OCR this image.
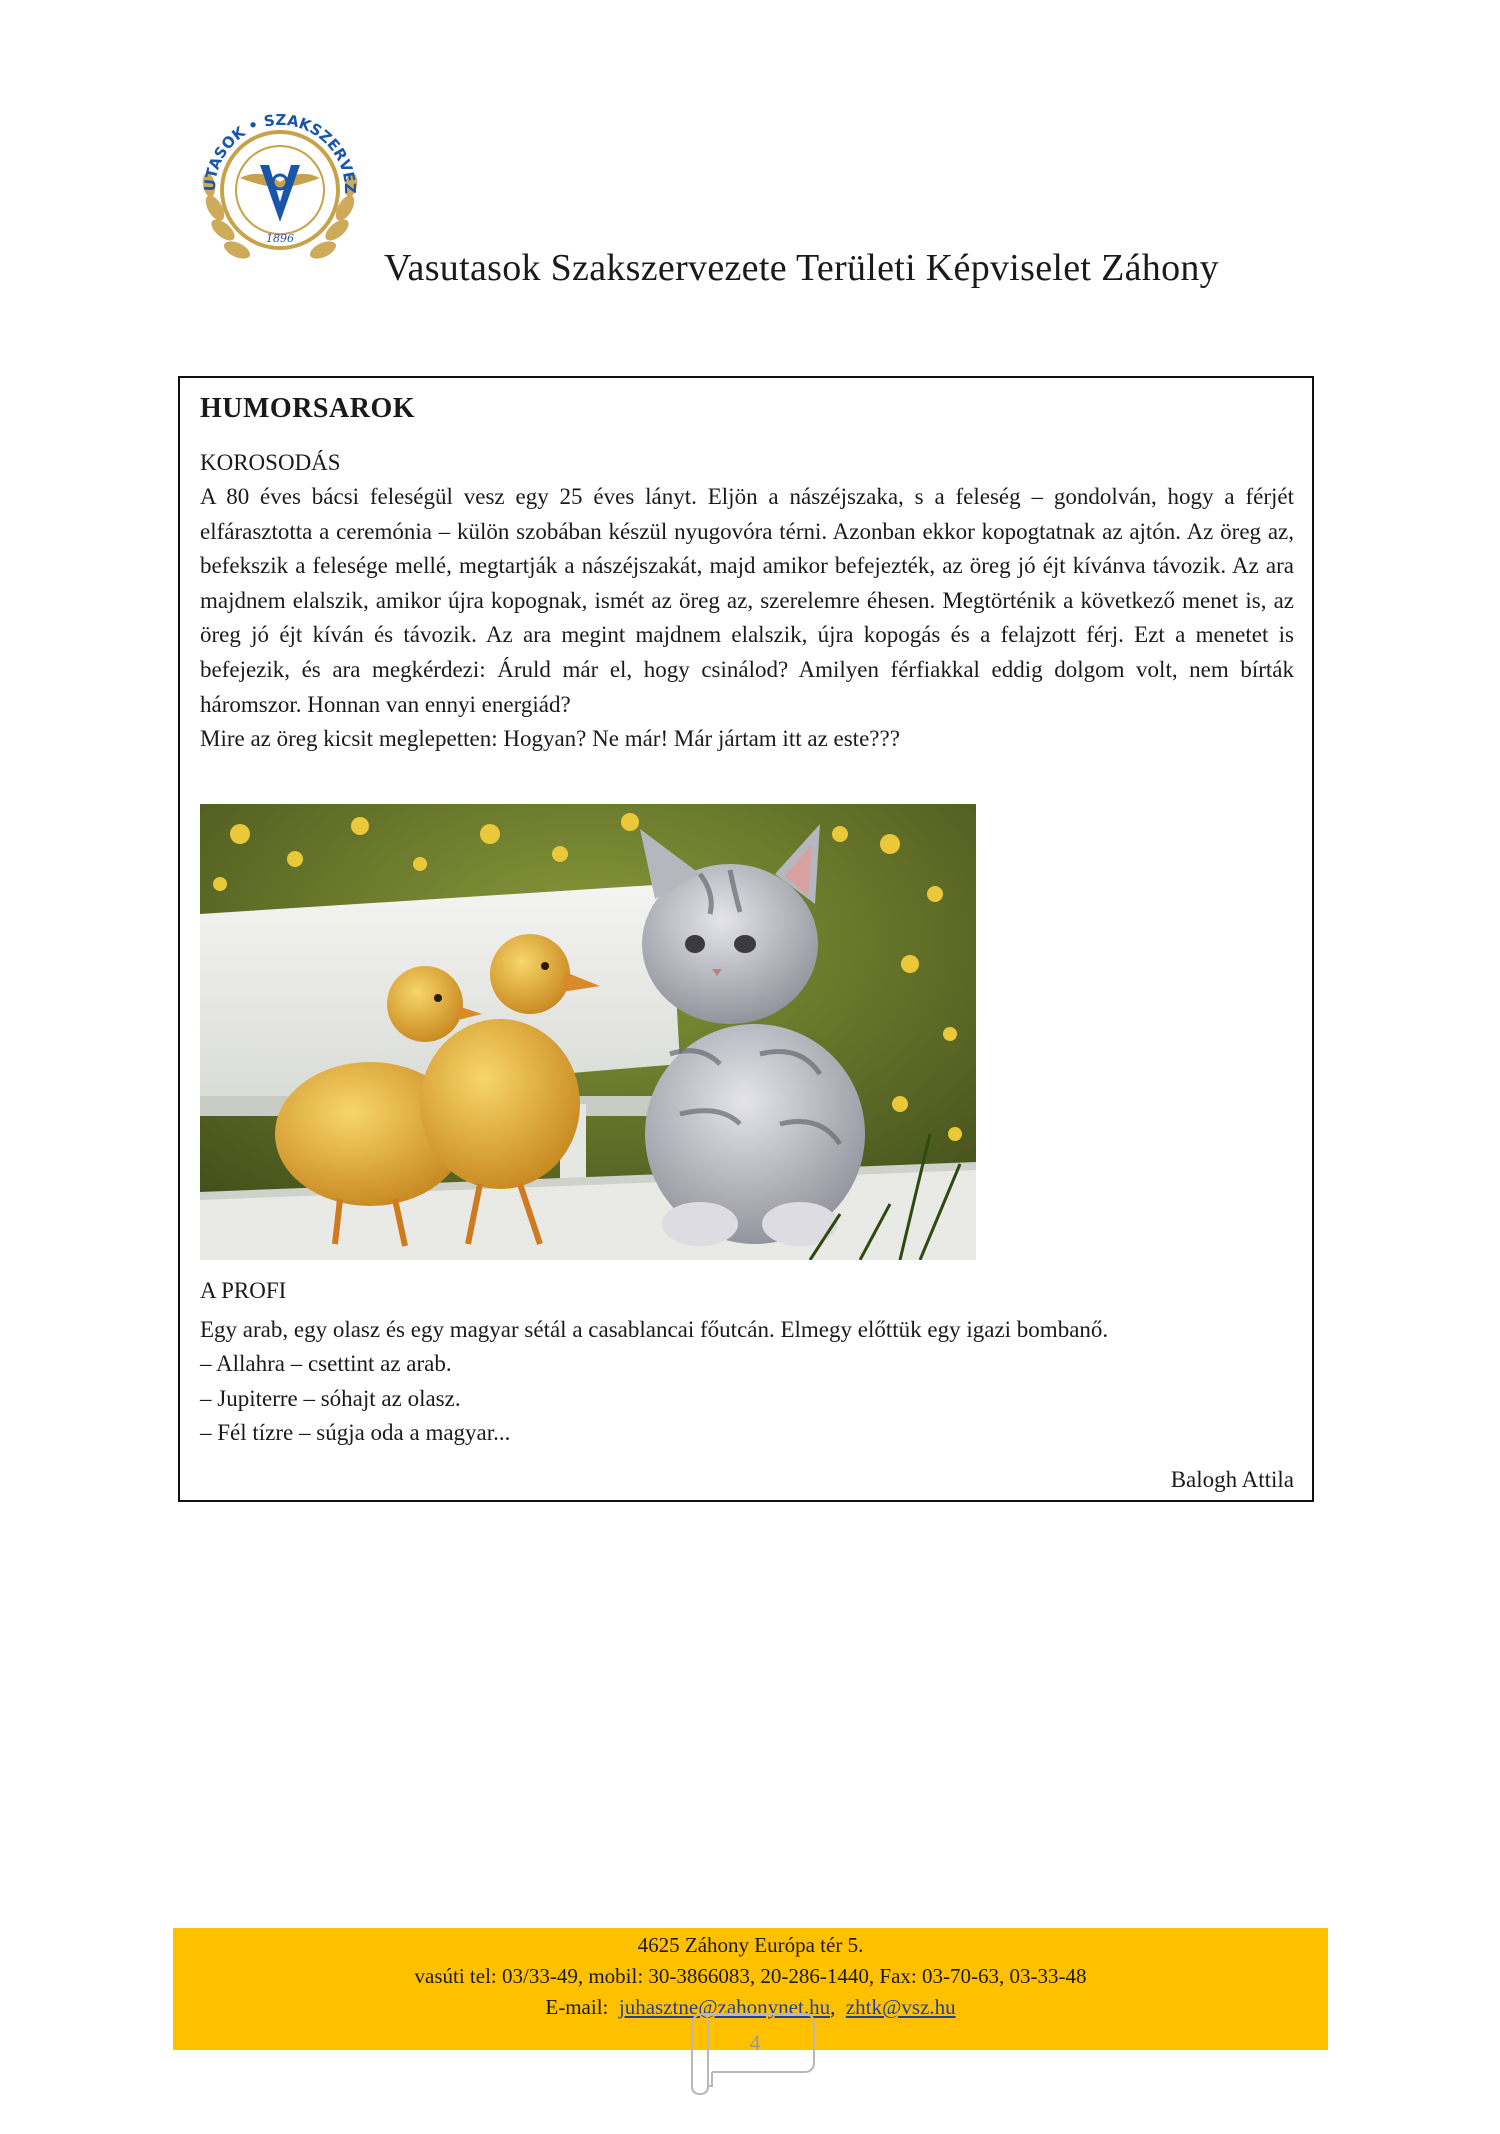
UTASOK • SZAKSZERVEZ
1896
Vasutasok Szakszervezete Területi Képviselet Záhony
HUMORSAROK
KOROSODÁS

A 80 éves bácsi feleségül vesz egy 25 éves lányt. Eljön a nászéjszaka, s a feleség – gondolván, hogy a férjét elfárasztotta a ceremónia – külön szobában készül nyugovóra térni. Azonban ekkor kopogtatnak az ajtón. Az öreg az, befekszik a felesége mellé, megtartják a nászéjszakát, majd amikor befejezték, az öreg jó éjt kívánva távozik. Az ara majdnem elalszik, amikor újra kopognak, ismét az öreg az, szerelemre éhesen. Megtörténik a következő menet is, az öreg jó éjt kíván és távozik. Az ara megint majdnem elalszik, újra kopogás és a felajzott férj. Ezt a menetet is befejezik, és ara megkérdezi: Áruld már el, hogy csinálod? Amilyen férfiakkal eddig dolgom volt, nem bírták háromszor. Honnan van ennyi energiád?

Mire az öreg kicsit meglepetten: Hogyan? Ne már! Már jártam itt az este???

A PROFI

Egy arab, egy olasz és egy magyar sétál a casablancai főutcán. Elmegy előttük egy igazi bombanő.

– Allahra – csettint az arab.

– Jupiterre – sóhajt az olasz.

– Fél tízre – súgja oda a magyar...

Balogh Attila
4625 Záhony Európa tér 5.
vasúti tel: 03/33-49, mobil: 30-3866083, 20-286-1440, Fax: 03-70-63, 03-33-48
E-mail: juhasztne@zahonynet.hu, zhtk@vsz.hu
4
